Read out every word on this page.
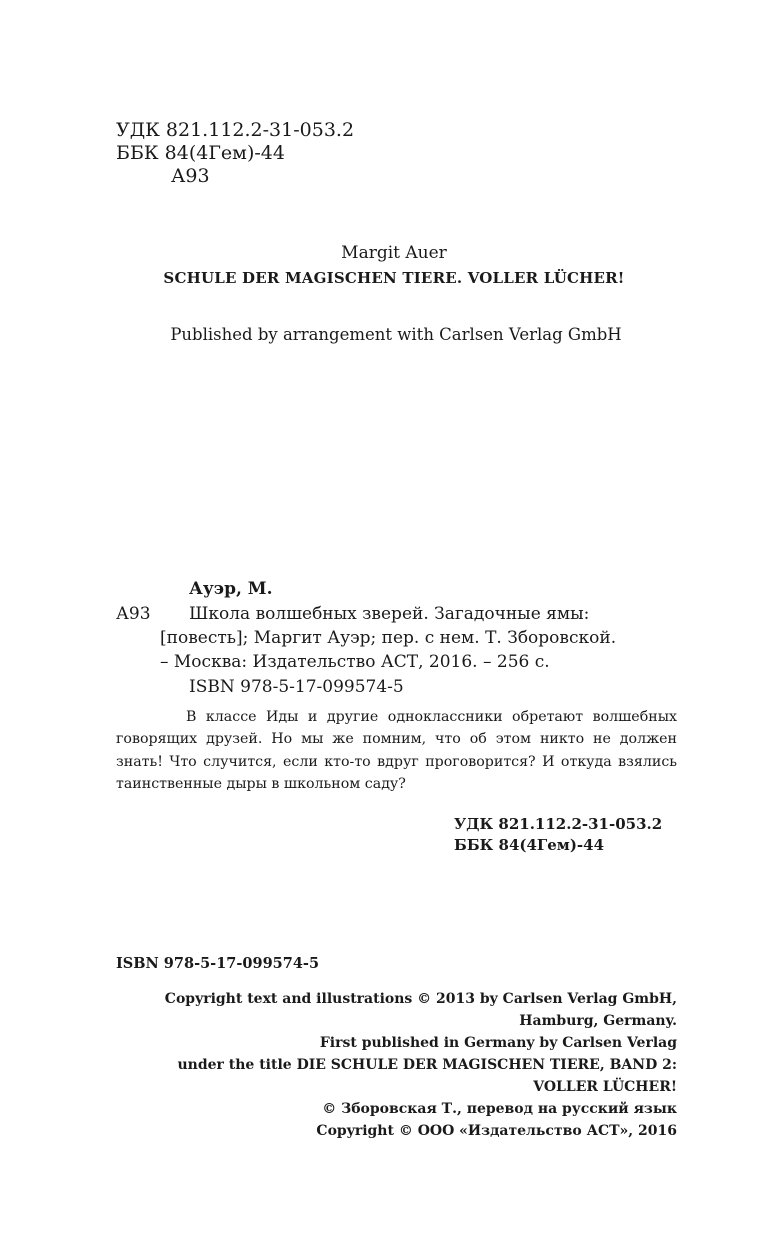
УДК 821.112.2-31-053.2
ББК 84(4Гем)-44
А93
Margit Auer
SCHULE DER MAGISCHEN TIERE. VOLLER LÜCHER!
Published by arrangement with Carlsen Verlag GmbH
Ауэр, М.
А93 Школа волшебных зверей. Загадочные ямы:
[повесть]; Маргит Ауэр; пер. с нем. Т. Зборовской.
– Москва: Издательство АСТ, 2016. – 256 с.
ISBN 978-5-17-099574-5
В классе Иды и другие одноклассники обретают волшебных говорящих друзей. Но мы же помним, что об этом никто не должен знать! Что случится, если кто-то вдруг проговорится? И откуда взялись таинственные дыры в школьном саду?
УДК 821.112.2-31-053.2
ББК 84(4Гем)-44
ISBN 978-5-17-099574-5
Copyright text and illustrations © 2013 by Carlsen Verlag GmbH,
Hamburg, Germany.
First published in Germany by Carlsen Verlag
under the title DIE SCHULE DER MAGISCHEN TIERE, BAND 2:
VOLLER LÜCHER!
© Зборовская Т., перевод на русский язык
Copyright © ООО «Издательство АСТ», 2016
